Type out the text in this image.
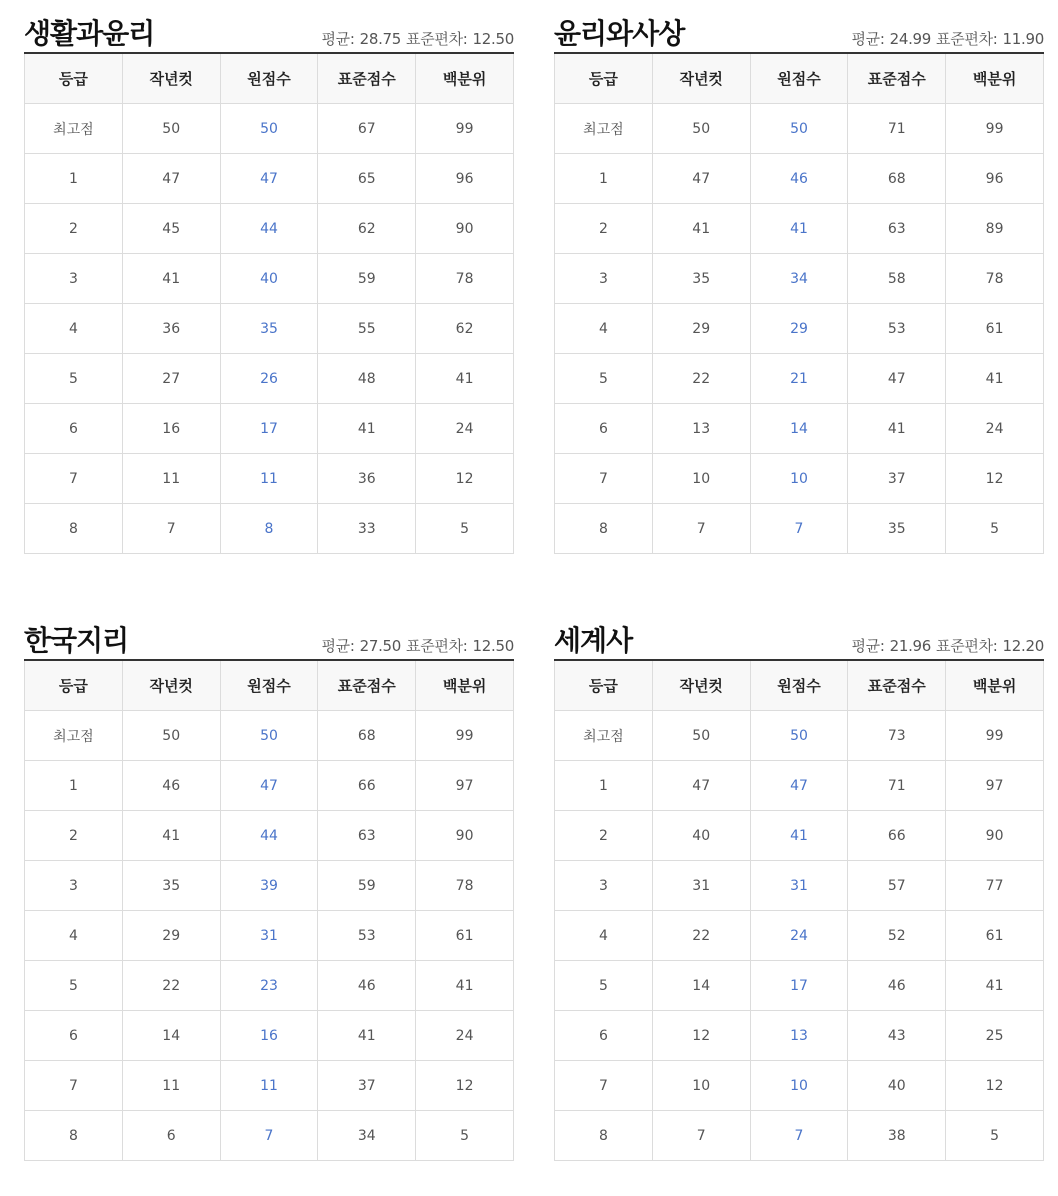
생활과윤리	평균: 28.75 표준편차: 12.50
등급	작년컷	원점수	표준점수	백분위
최고점	50	50	67	99
1	47	47	65	96
2	45	44	62	90
3	41	40	59	78
4	36	35	55	62
5	27	26	48	41
6	16	17	41	24
7	11	11	36	12
8	7	8	33	5
윤리와사상	평균: 24.99 표준편차: 11.90
등급	작년컷	원점수	표준점수	백분위
최고점	50	50	71	99
1	47	46	68	96
2	41	41	63	89
3	35	34	58	78
4	29	29	53	61
5	22	21	47	41
6	13	14	41	24
7	10	10	37	12
8	7	7	35	5
한국지리	평균: 27.50 표준편차: 12.50
등급	작년컷	원점수	표준점수	백분위
최고점	50	50	68	99
1	46	47	66	97
2	41	44	63	90
3	35	39	59	78
4	29	31	53	61
5	22	23	46	41
6	14	16	41	24
7	11	11	37	12
8	6	7	34	5
세계사	평균: 21.96 표준편차: 12.20
등급	작년컷	원점수	표준점수	백분위
최고점	50	50	73	99
1	47	47	71	97
2	40	41	66	90
3	31	31	57	77
4	22	24	52	61
5	14	17	46	41
6	12	13	43	25
7	10	10	40	12
8	7	7	38	5
